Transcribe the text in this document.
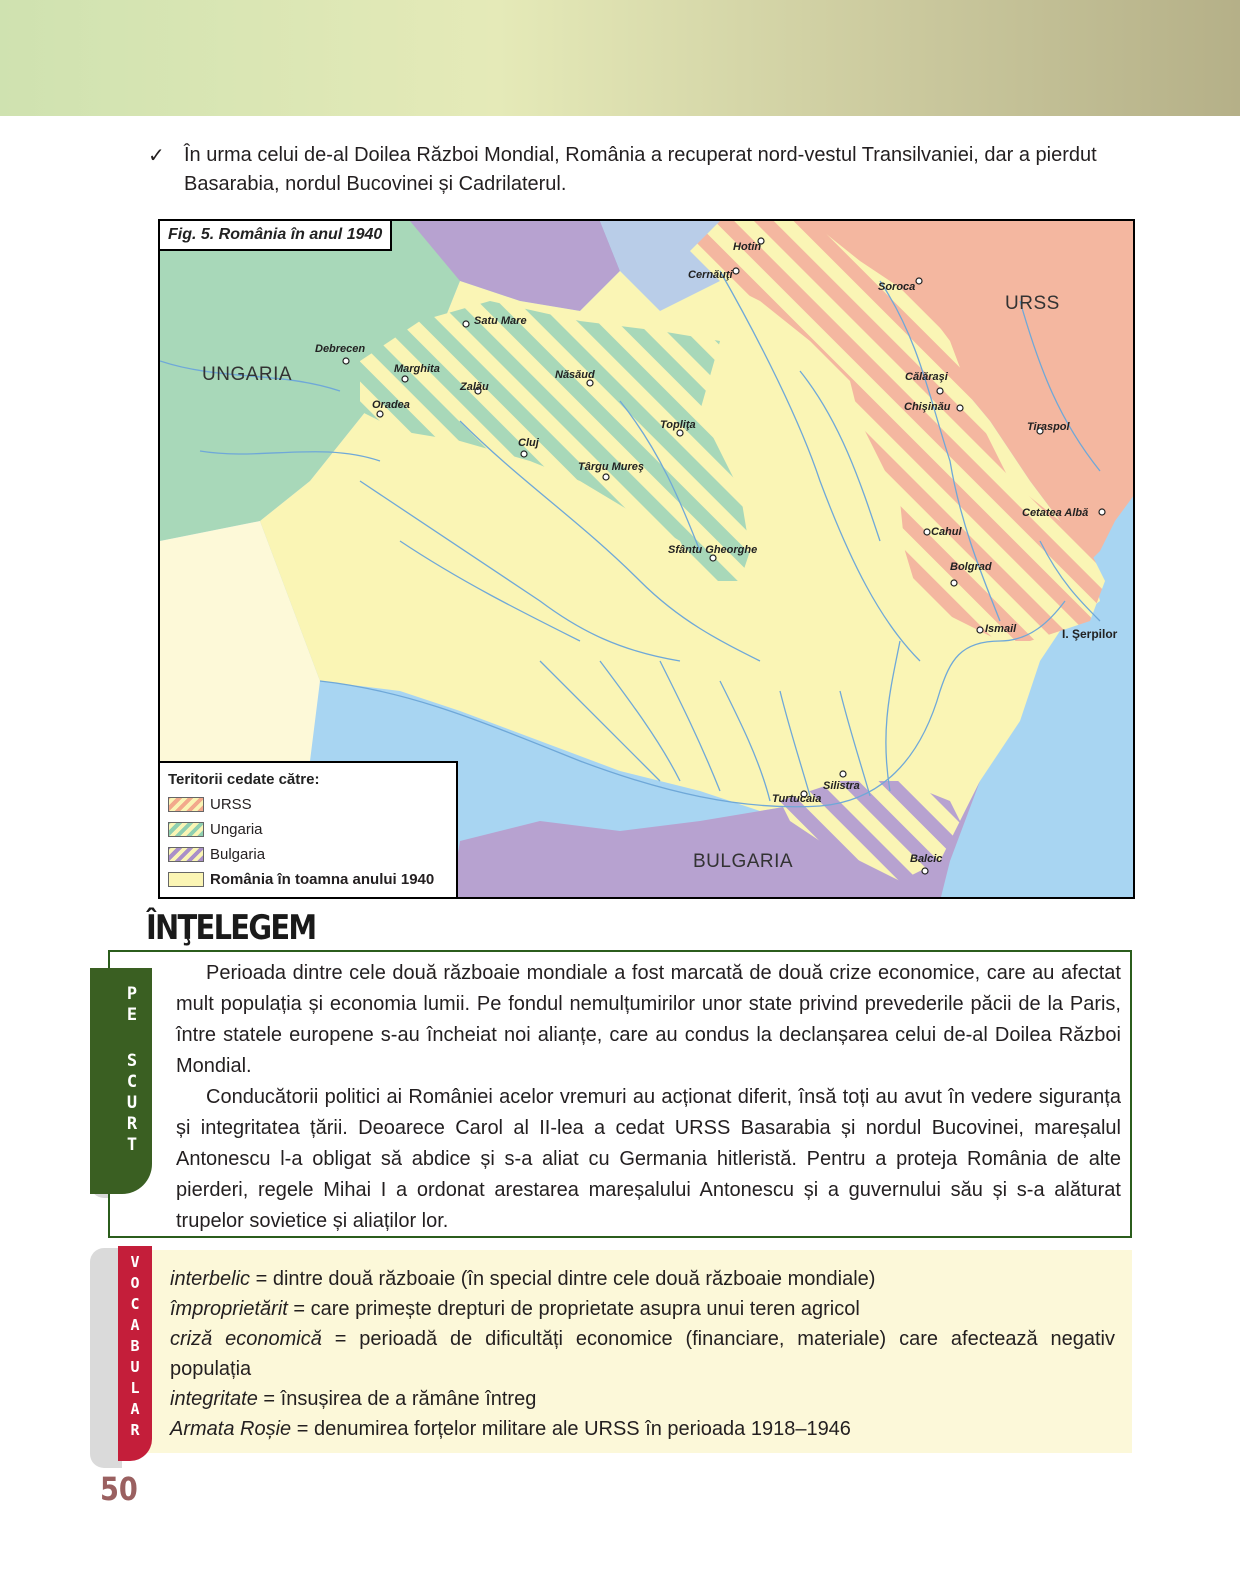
✓ În urma celui de-al Doilea Război Mondial, România a recuperat nord-vestul Transilvaniei, dar a pierdut Basarabia, nordul Bucovinei și Cadrilaterul.
Fig. 5. România în anul 1940
URSS
UNGARIA
BULGARIA
Hotin
Cernăuţi
Soroca
Satu Mare
Debrecen
Marghita
Zalău
Năsăud
Oradea
Călăraşi
Chişinău
Topliţa	Tiraspol
Cluj
Târgu Mureş
Cetatea Albă
Cahul
Sfântu Gheorghe
Bolgrad
Ismail	I. Şerpilor
Silistra
Turtucaia
Balcic
Teritorii cedate către:
URSS
Ungaria
Bulgaria
România în toamna anului 1940
ÎNŢELEGEM
P
E
S
C
U
R
T

Perioada dintre cele două războaie mondiale a fost marcată de două crize economice, care au afectat mult populația și economia lumii. Pe fondul nemulțumirilor unor state privind prevederile păcii de la Paris, între statele europene s-au încheiat noi alianțe, care au condus la declanșarea celui de-al Doilea Război Mondial.

Conducătorii politici ai României acelor vremuri au acționat diferit, însă toți au avut în vedere siguranța și integritatea țării. Deoarece Carol al II-lea a cedat URSS Basarabia și nordul Bucovinei, mareșalul Antonescu l-a obligat să abdice și s-a aliat cu Germania hitleristă. Pentru a proteja România de alte pierderi, regele Mihai I a ordonat arestarea mareșalului Antonescu și a guvernului său și s-a alăturat trupelor sovietice și aliaților lor.

V
O
C
A
B
U
L
A
R
interbelic = dintre două războaie (în special dintre cele două războaie mondiale)
împroprietărit = care primește drepturi de proprietate asupra unui teren agricol
criză economică = perioadă de dificultăți economice (financiare, materiale) care afectează negativ populația
integritate = însușirea de a rămâne întreg
Armata Roșie = denumirea forțelor militare ale URSS în perioada 1918–1946
50
